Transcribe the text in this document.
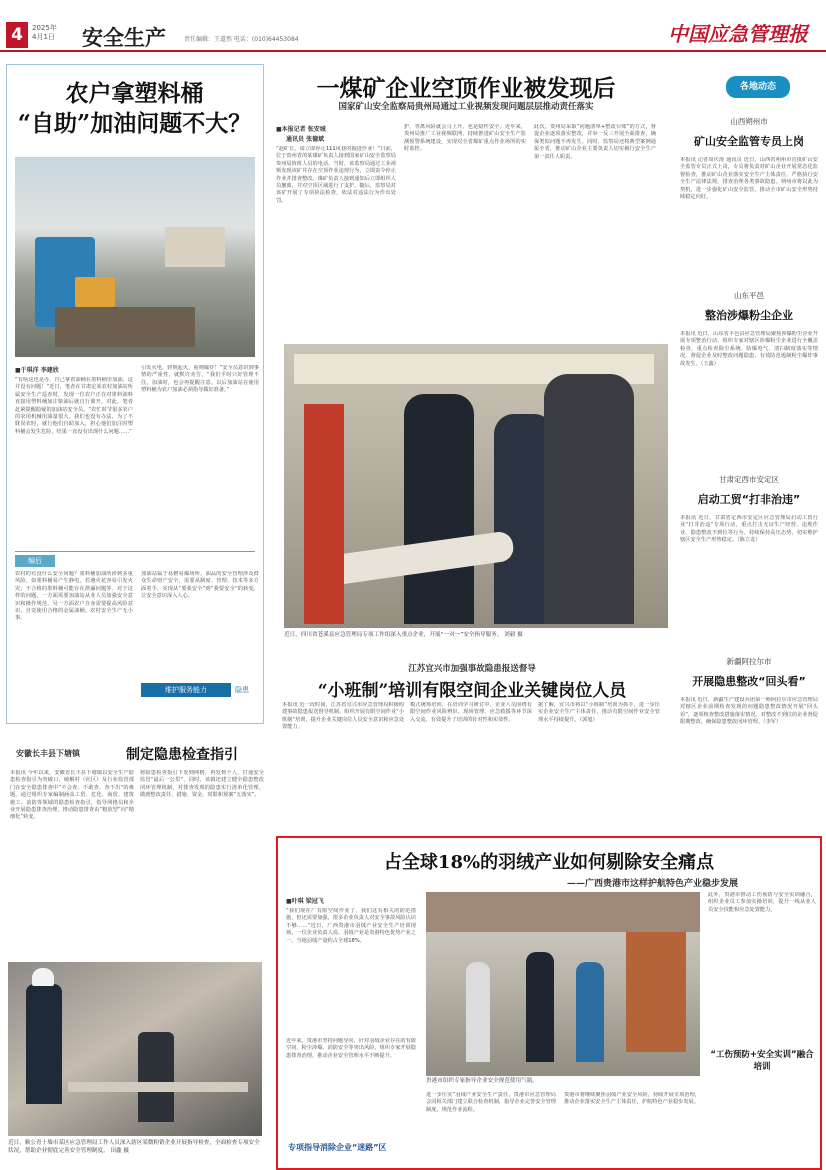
4	2025年
4月1日 安全生产	责任编辑：王道然 电话：(010)64453084	中国应急管理报
农户拿塑料桶
“自助”加油问题不大？
■于琪洋 李建欣
“有啥这也是办，自己拿着油桶在墨料桶里加油，这并没有问题！”近日，笔者在甘肃定某农村加油站所属安全生产巡查时，发现一位农户正在对墨料油料直接用塑料桶加注柴油后就自行离开。对此，笔者赶紧提醒隐疑的加油站安全员。“农忙时节很多农户的农用机械用油量很大，我们也没有办法，为了不耽误农时，就行他们自助加入，担心他们加注时塑料桶会发生危险，结果一直没有出现什么问题……”
引发火电，轻则起火，重则爆炸！”安全员意识到事情的严重性，就默许劝告，“我们平时只好管理不住，加油时，也会再提醒注意。以后加油站在使用塑料桶为农户加油必须指导做好准备。”
编后
农村的有没什么安全问题？墨料桶加油所涉到多重风险，如墨料桶易产生静电，若遇火花容易引发火灾；不合格的墨料桶可能存在泄漏问题等。对于这样的问题，一方面需要加油站从业人员加强安全意识和操作规范，另一方面农户自身需要提高风险意识，自觉使用合格的金属油桶。农村安全生产无小事。
加油站属于易燃易爆场所，油品的安全管理涉及群众生命财产安全，需要从制度、管理、技术等多方面着手，实现从“要我安全”到“我要安全”的转变，让安全意识深入人心。
维护服务能力	隐患
安徽长丰县下塘镇	制定隐患检查指引
本报讯 今年以来，安徽省长丰县下塘镇以安全生产隐患检查指引为突破口，破解村（社区）及行业监管部门在安全隐患排查中“不会查、不敢查、查不出”的难题。通过组织专家编制涵盖工贸、危化、商贸、建筑施工、消防等领域的隐患检查指引，指导网格员和企业开展隐患排查治理，推动隐患排查由“粗放型”向“精细化”转变。
将隐患检查指引下发到网格，再发到个人，打通安全监管“最后一公里”。同时，该镇还建立健全隐患整改闭环管理机制，对排查发现的隐患实行清单化管理，做到整改责任、措施、资金、时限和预案“五落实”。
近日，顺公青十墙市某区应急管理局工作人员深入辖区某微粉销企业开展指导检查，全面检查专项安全状况，帮助企业彻底完善安全管理制度。 田鑫 摄
一煤矿企业空顶作业被发现后
国家矿山安全监察局贵州局通过工业视频发现问题层层推动责任落实
■本报记者 张安城
通讯员 张德斌
“赵矿长，请立即停止111风巷的掘进作业！”日前，位于贵州省的某煤矿负责人接到国家矿山安全监察局贵州局值班人员的电话。当时，该监察局通过工业视频发现该矿井存在空顶作业违规行为，立即责令停止作业并排查整改。煤矿负责人接到通知后立即组织人员撤离，并对空顶区域进行了支护。随后，监察局对该矿开展了专项执法检查，依法对违法行为作出处罚。
护，等离风险就会马上升，也是隐性安全。近年来，贵州局推广工业视频联网，持续推进矿山安全生产监测预警系统建设，实现对全省煤矿重点作业场所的实时监控。
此次，贵州局采取“问题清单+整改台账”的方式，督促企业逐项落实整改，并举一反三开展全面排查，确保类似问题不再发生。同时，监察局还将典型案例通报全省，推动矿山企业主要负责人切实履行安全生产第一责任人职责。
近日，四川省苍溪县应急管理局专项工作组深入重点企业，开展“一对一”安全指导服务。 刘毅 摄
各地动态
山西朔州市
矿山安全监管专员上岗
本报讯 记者周庆涛 通讯员 近日，山西省朔州市首批矿山安全监管专员正式上岗，专员将负责对矿山企业开展常态化监督检查，推动矿山企业落实安全生产主体责任，严格执行安全生产法律法规，排查治理各类事故隐患。朔州市将以此为契机，进一步强化矿山安全监管，推动全市矿山安全形势持续稳定向好。
山东平邑
整治涉爆粉尘企业
本报讯 近日，山东省平邑县应急管理局聚焦涉爆粉尘企业开展专项整治行动，组织专家对辖区涉爆粉尘企业进行全覆盖检查，重点检查除尘系统、防爆电气、清扫制度落实等情况，督促企业及时整改问题隐患，有效防范遏制粉尘爆炸事故发生。（王鑫）
甘肃定西市安定区
启动工贸“打非治违”
本报讯 近日，甘肃省定西市安定区应急管理局启动工贸行业“打非治违”专项行动，重点打击无证生产经营、违规作业、隐患整改不到位等行为，持续保持高压态势，切实维护辖区安全生产形势稳定。（陈立龙）
新疆阿拉尔市
开展隐患整改“回头看”
本报讯 近日，新疆生产建设兵团第一师阿拉尔市应急管理局对辖区企业前期检查发现的问题隐患整改情况开展“回头看”，逐项核查整改措施落实情况，对整改不到位的企业督促限期整改，确保隐患整改闭环管理。（李军）
江苏宜兴市加强事故隐患报送督导
“小班制”培训有限空间企业关键岗位人员
本报讯 近一段时间，江苏省宜兴市应急管理局积极构建事故隐患报送督导机制，组织开展有限空间作业“小班制”培训，提升企业关键岗位人员安全意识和应急处置能力。
模式统筹培训，在培训学习研讨中，企业人员围绕有限空间作业风险辨识、现场管理、应急救援等环节深入交流，有效提升了培训的针对性和实效性。
据了解，宜兴市将以“小班制”培训为抓手，进一步压实企业安全生产主体责任，推动有限空间作业安全管理水平持续提升。（郭旭）
占全球18%的羽绒产业如何剔除安全痛点
——广西贵港市这样护航特色产业稳步发展
■叶琪 梁冠飞
“我们现在厂有限空间作业了，我们这有相关的防范措施，但还需要加强，很多企业负责人对安全事故风险认识不够……”近日，广西贵港市羽绒产业安全生产培训现场，一位企业负责人说。羽绒产业是贵港特色优势产业之一，当地羽绒产量约占全球18%。
近年来，贵港市坚持问题导向，针对羽绒企业存在的有限空间、粉尘涉爆、消防安全等突出风险，组织专家开展隐患排查治理，推动企业安全管理水平不断提升。
贵港市组织专家指导企业安全规范使用气瓶。
专项指导消除企业“迷路”区
进一步压实“羽绒产业安全生产责任，贵港市应急管理局会同相关部门建立联合检查机制，指导企业完善安全管理制度，规范作业流程。
贵港市将继续聚焦羽绒产业安全风险，持续开展专项治理，推动企业落实安全生产主体责任，护航特色产业稳步发展。
此外，贵港市推动工伤预防与安全实训融合，组织企业员工参加实操培训，提升一线从业人员安全技能和应急处置能力。
“工伤预防+安全实训”融合培训
